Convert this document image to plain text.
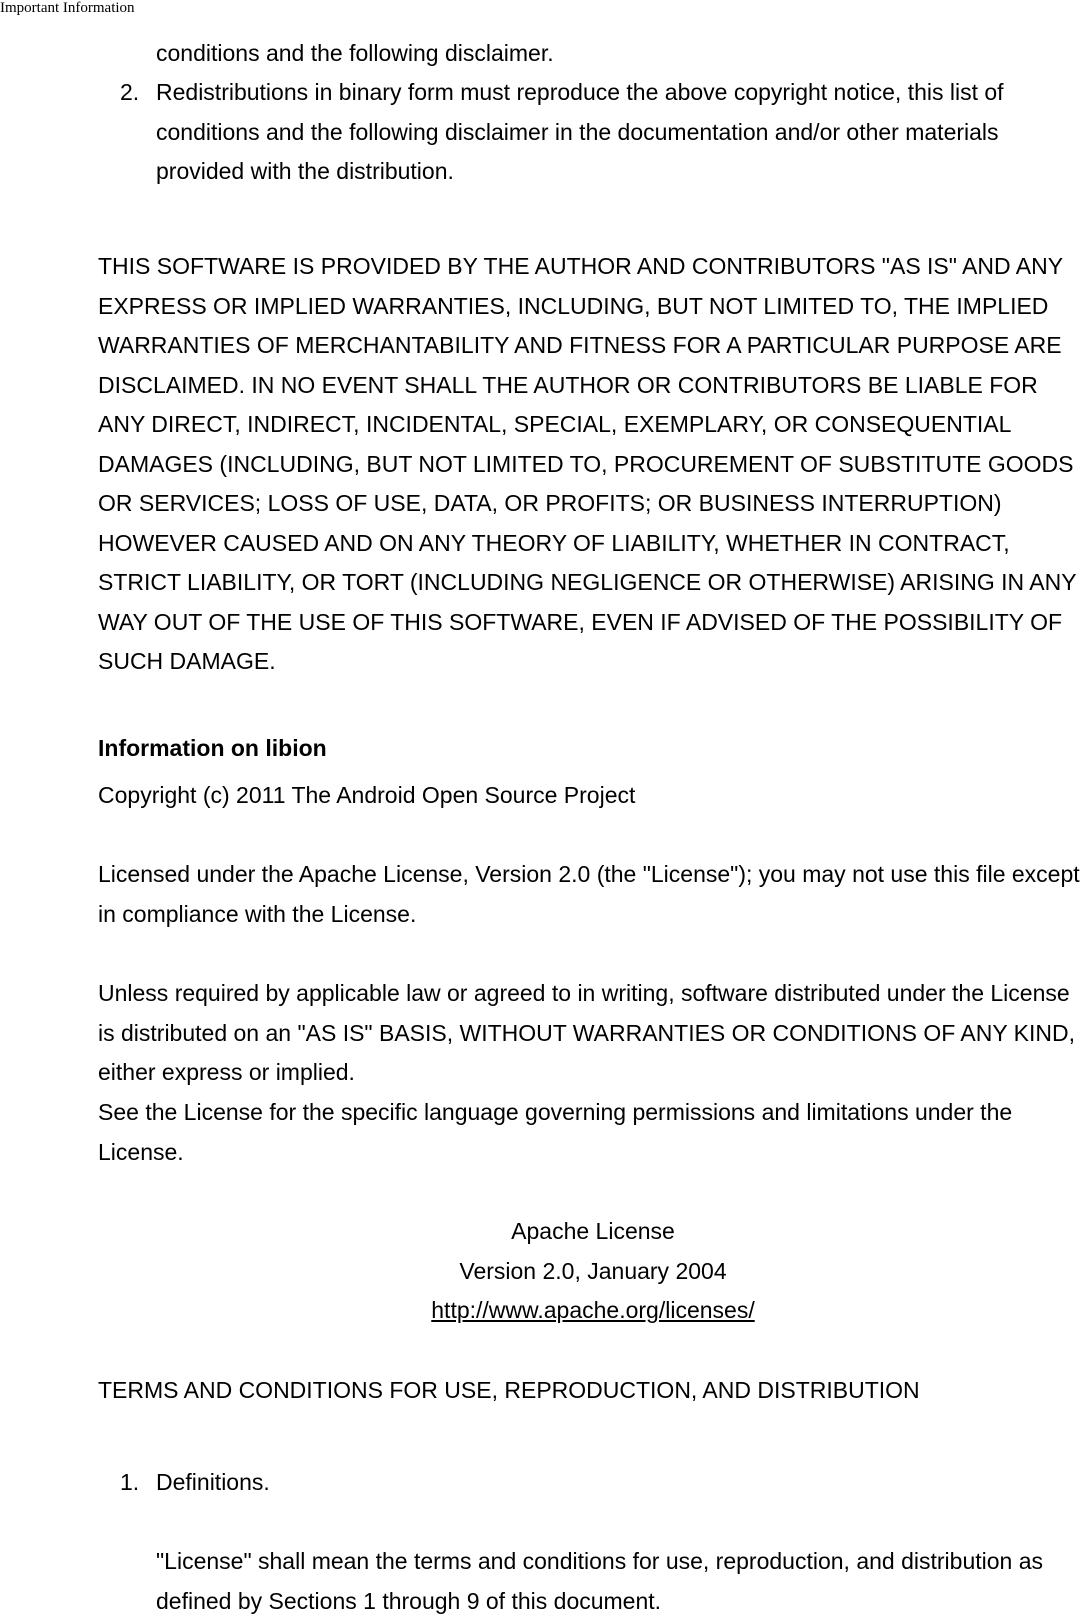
Important Information

conditions and the following disclaimer.

2. Redistributions in binary form must reproduce the above copyright notice, this list of conditions and the following disclaimer in the documentation and/or other materials provided with the distribution.

THIS SOFTWARE IS PROVIDED BY THE AUTHOR AND CONTRIBUTORS "AS IS" AND ANY EXPRESS OR IMPLIED WARRANTIES, INCLUDING, BUT NOT LIMITED TO, THE IMPLIED WARRANTIES OF MERCHANTABILITY AND FITNESS FOR A PARTICULAR PURPOSE ARE DISCLAIMED. IN NO EVENT SHALL THE AUTHOR OR CONTRIBUTORS BE LIABLE FOR ANY DIRECT, INDIRECT, INCIDENTAL, SPECIAL, EXEMPLARY, OR CONSEQUENTIAL DAMAGES (INCLUDING, BUT NOT LIMITED TO, PROCUREMENT OF SUBSTITUTE GOODS OR SERVICES; LOSS OF USE, DATA, OR PROFITS; OR BUSINESS INTERRUPTION) HOWEVER CAUSED AND ON ANY THEORY OF LIABILITY, WHETHER IN CONTRACT, STRICT LIABILITY, OR TORT (INCLUDING NEGLIGENCE OR OTHERWISE) ARISING IN ANY WAY OUT OF THE USE OF THIS SOFTWARE, EVEN IF ADVISED OF THE POSSIBILITY OF SUCH DAMAGE.

Information on libion

Copyright (c) 2011 The Android Open Source Project

Licensed under the Apache License, Version 2.0 (the "License"); you may not use this file except in compliance with the License.

Unless required by applicable law or agreed to in writing, software distributed under the License is distributed on an "AS IS" BASIS, WITHOUT WARRANTIES OR CONDITIONS OF ANY KIND, either express or implied.

See the License for the specific language governing permissions and limitations under the License.

Apache License
Version 2.0, January 2004
http://www.apache.org/licenses/

TERMS AND CONDITIONS FOR USE, REPRODUCTION, AND DISTRIBUTION

1. Definitions.

"License" shall mean the terms and conditions for use, reproduction, and distribution as defined by Sections 1 through 9 of this document.
